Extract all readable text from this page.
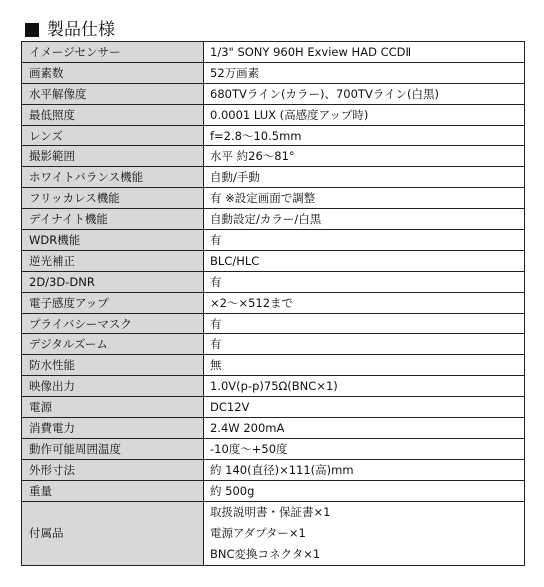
製品仕様
イメージセンサー	1/3" SONY 960H Exview HAD CCDⅡ
画素数	52万画素
水平解像度	680TVライン(カラー)、700TVライン(白黒)
最低照度	0.0001 LUX (高感度アップ時)
レンズ	f=2.8～10.5mm
撮影範囲	水平 約26～81°
ホワイトバランス機能	自動/手動
フリッカレス機能	有 ※設定画面で調整
デイナイト機能	自動設定/カラー/白黒
WDR機能	有
逆光補正	BLC/HLC
2D/3D-DNR	有
電子感度アップ	×2～×512まで
プライバシーマスク	有
デジタルズーム	有
防水性能	無
映像出力	1.0V(p-p)75Ω(BNC×1)
電源	DC12V
消費電力	2.4W 200mA
動作可能周囲温度	-10度～+50度
外形寸法	約 140(直径)×111(高)mm
重量	約 500g
付属品	取扱説明書・保証書×1
電源アダプター×1
BNC変換コネクタ×1
